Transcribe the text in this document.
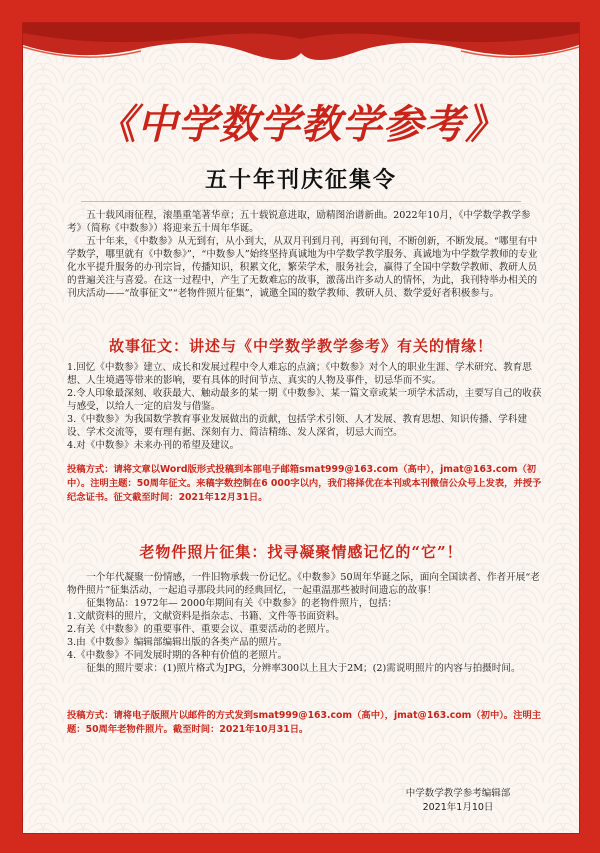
《中学数学教学参考》
五十年刊庆征集令

五十载风雨征程，滚墨重笔著华章；五十载锐意进取，励精图治谱新曲。2022年10月，《中学数学教学参考》（简称《中数参》）将迎来五十周年华诞。

五十年来，《中数参》从无到有，从小到大，从双月刊到月刊，再到旬刊，不断创新，不断发展。“哪里有中学数学，哪里就有《中数参》”，“中数参人”始终坚持真诚地为中学数学教学服务、真诚地为中学数学教师的专业化水平提升服务的办刊宗旨，传播知识，积累文化，繁荣学术，服务社会，赢得了全国中学数学教师、教研人员的普遍关注与喜爱。在这一过程中，产生了无数难忘的故事，激荡出许多动人的情怀，为此，我刊特举办相关的刊庆活动——“故事征文”“老物件照片征集”，诚邀全国的数学教师、教研人员、数学爱好者积极参与。

故事征文：讲述与《中学数学教学参考》有关的情缘！

1.回忆《中数参》建立、成长和发展过程中令人难忘的点滴；《中数参》对个人的职业生涯、学术研究、教育思想、人生境遇等带来的影响，要有具体的时间节点、真实的人物及事件，切忌华而不实。

2.令人印象最深刻、收获最大、触动最多的某一期《中数参》、某一篇文章或某一项学术活动，主要写自己的收获与感受，以给人一定的启发与借鉴。

3.《中数参》为我国数学教育事业发展做出的贡献，包括学术引领、人才发展、教育思想、知识传播、学科建设、学术交流等，要有理有据、深刻有力、简洁精练、发人深省，切忌大而空。

4.对《中数参》未来办刊的希望及建议。

投稿方式：请将文章以Word版形式投稿到本部电子邮箱smat999@163.com（高中），jmat@163.com（初中）。注明主题：50周年征文。来稿字数控制在6 000字以内，我们将择优在本刊或本刊微信公众号上发表，并授予纪念证书。征文截至时间：2021年12月31日。
老物件照片征集：找寻凝聚情感记忆的“它”！

一个年代凝聚一份情感，一件旧物承载一份记忆。《中数参》50周年华诞之际，面向全国读者、作者开展“老物件照片”征集活动，一起追寻那段共同的经典回忆，一起重温那些被时间遗忘的故事！

征集物品：1972年— 2000年期间有关《中数参》的老物件照片，包括：

1.文献资料的照片，文献资料是指杂志、书籍、文件等书面资料。

2.有关《中数参》的重要事件、重要会议、重要活动的老照片。

3.由《中数参》编辑部编辑出版的各类产品的照片。

4.《中数参》不同发展时期的各种有价值的老照片。

征集的照片要求：(1)照片格式为JPG，分辨率300以上且大于2M；(2)需说明照片的内容与拍摄时间。

投稿方式：请将电子版照片以邮件的方式发到smat999@163.com（高中），jmat@163.com（初中）。注明主题：50周年老物件照片。截至时间：2021年10月31日。
中学数学教学参考编辑部
2021年1月10日
